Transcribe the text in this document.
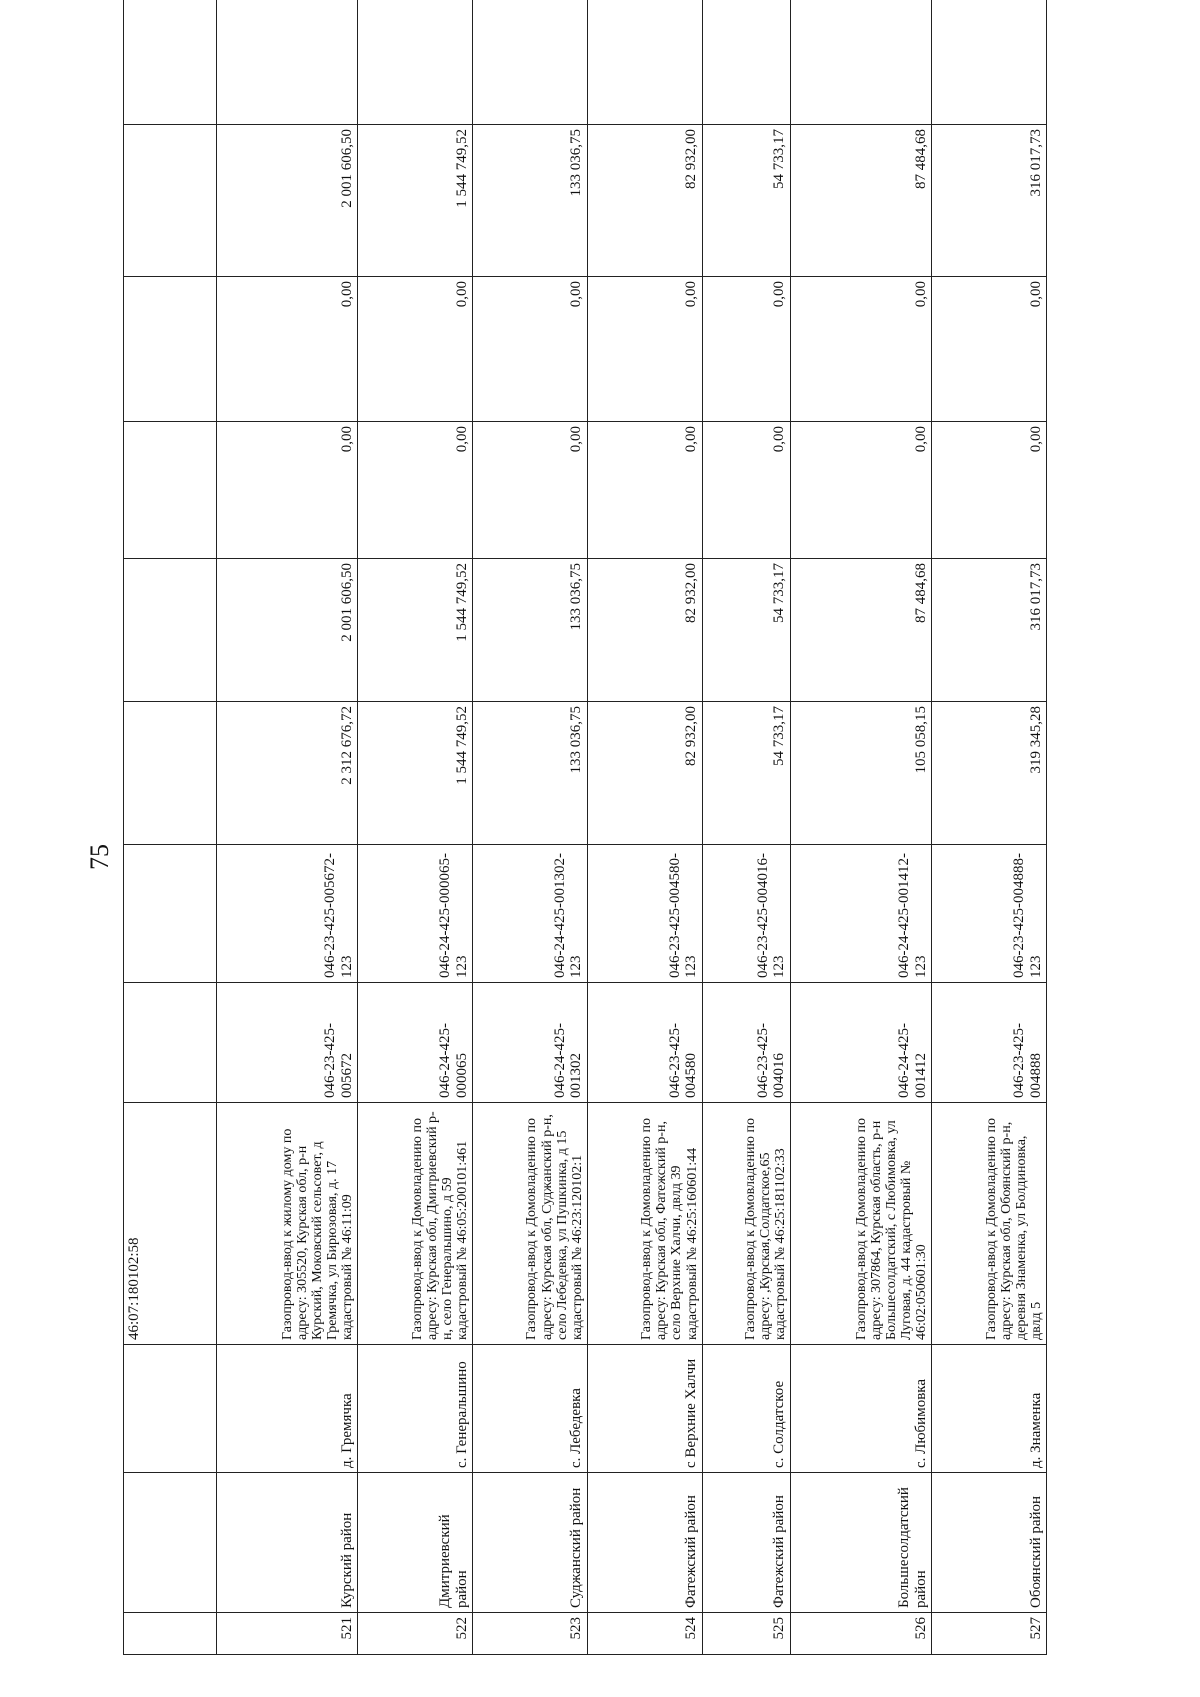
75
			46:07:180102:58								
521	Курский район	д. Гремячка	Газопровод-ввод к жилому дому по адресу: 305520, Курская обл, р-н Курский, Моковский сельсовет, д Гремячка, ул Бирюзовая, д. 17 кадастровый № 46:11:09	046-23-425-005672	046-23-425-005672-123	2 312 676,72	2 001 606,50	0,00	0,00	2 001 606,50	
522	Дмитриевский район	с. Генеральшино	Газопровод-ввод к Домовладению по адресу: Курская обл, Дмитриевский р-н, село Генеральшино, д 59 кадастровый № 46:05:200101:461	046-24-425-000065	046-24-425-000065-123	1 544 749,52	1 544 749,52	0,00	0,00	1 544 749,52	
523	Суджанский район	с. Лебедевка	Газопровод-ввод к Домовладению по адресу: Курская обл, Суджанский р-н, село Лебедевка, ул Пушкинка, д 15 кадастровый № 46:23:120102:1	046-24-425-001302	046-24-425-001302-123	133 036,75	133 036,75	0,00	0,00	133 036,75	
524	Фатежский район	с Верхние Халчи	Газопровод-ввод к Домовладению по адресу: Курская обл, Фатежский р-н, село Верхние Халчи, двлд 39 кадастровый № 46:25:160601:44	046-23-425-004580	046-23-425-004580-123	82 932,00	82 932,00	0,00	0,00	82 932,00	
525	Фатежский район	с. Солдатское	Газопровод-ввод к Домовладению по адресу: ,Курская,Солдатское,65 кадастровый № 46:25:181102:33	046-23-425-004016	046-23-425-004016-123	54 733,17	54 733,17	0,00	0,00	54 733,17	
526	Большесолдатский район	с. Любимовка	Газопровод-ввод к Домовладению по адресу: 307864, Курская область, р-н Большесолдатский, с Любимовка, ул Луговая, д. 44 кадастровый № 46:02:050601:30	046-24-425-001412	046-24-425-001412-123	105 058,15	87 484,68	0,00	0,00	87 484,68	
527	Обоянский район	д. Знаменка	Газопровод-ввод к Домовладению по адресу: Курская обл, Обоянский р-н, деревня Знаменка, ул Болдиновка, двлд 5	046-23-425-004888	046-23-425-004888-123	319 345,28	316 017,73	0,00	0,00	316 017,73	
